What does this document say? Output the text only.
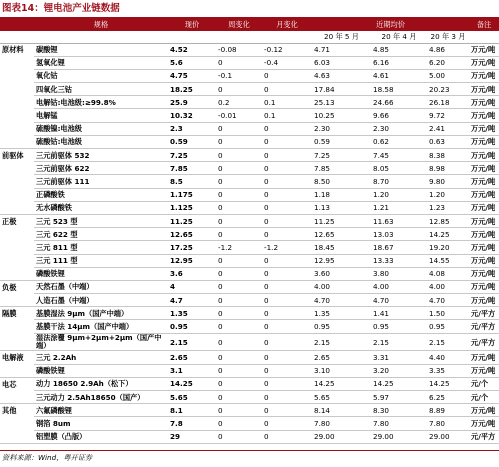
图表14：锂电池产业链数据
	规格	现价	周变化	月变化	近期均价			备注
					20 年 5 月	20 年 4 月	20 年 3 月	
原材料	碳酸锂	4.52	-0.08	-0.12	4.71	4.85	4.86	万元/吨
	氢氧化锂	5.6	0	-0.4	6.03	6.16	6.20	万元/吨
	氧化钴	4.75	-0.1	0	4.63	4.61	5.00	万元/吨
	四氧化三钴	18.25	0	0	17.84	18.58	20.23	万元/吨
	电解钴:电池级:≥99.8%	25.9	0.2	0.1	25.13	24.66	26.18	万元/吨
	电解锰	10.32	-0.01	0.1	10.25	9.66	9.72	万元/吨
	硫酸镍:电池级	2.3	0	0	2.30	2.30	2.41	万元/吨
	硫酸钴:电池级	0.59	0	0	0.59	0.62	0.63	万元/吨
前驱体	三元前驱体 532	7.25	0	0	7.25	7.45	8.38	万元/吨
	三元前驱体 622	7.85	0	0	7.85	8.05	8.98	万元/吨
	三元前驱体 111	8.5	0	0	8.50	8.70	9.80	万元/吨
	正磷酸铁	1.175	0	0	1.18	1.20	1.20	万元/吨
	无水磷酸铁	1.125	0	0	1.13	1.21	1.23	万元/吨
正极	三元 523 型	11.25	0	0	11.25	11.63	12.85	万元/吨
	三元 622 型	12.65	0	0	12.65	13.03	14.25	万元/吨
	三元 811 型	17.25	-1.2	-1.2	18.45	18.67	19.20	万元/吨
	三元 111 型	12.95	0	0	12.95	13.33	14.55	万元/吨
	磷酸铁锂	3.6	0	0	3.60	3.80	4.08	万元/吨
负极	天然石墨（中端）	4	0	0	4.00	4.00	4.00	万元/吨
	人造石墨（中端）	4.7	0	0	4.70	4.70	4.70	万元/吨
隔膜	基膜湿法 9μm（国产中端）	1.35	0	0	1.35	1.41	1.50	元/平方
	基膜干法 14μm（国产中端）	0.95	0	0	0.95	0.95	0.95	元/平方
	湿法涂覆 9μm+2μm+2μm（国产中端）	2.15	0	0	2.15	2.15	2.15	元/平方
电解液	三元 2.2Ah	2.65	0	0	2.65	3.31	4.40	万元/吨
	磷酸铁锂	3.1	0	0	3.10	3.20	3.35	万元/吨
电芯	动力 18650 2.9Ah（松下）	14.25	0	0	14.25	14.25	14.25	元/个
	三元动力 2.5Ah18650（国产）	5.65	0	0	5.65	5.97	6.25	元/个
其他	六氟磷酸锂	8.1	0	0	8.14	8.30	8.89	万元/吨
	钢箔 8um	7.8	0	0	7.80	7.80	7.80	万元/吨
	铝塑膜（凸版）	29	0	0	29.00	29.00	29.00	元/平方
资料来源：Wind，粤开证券
